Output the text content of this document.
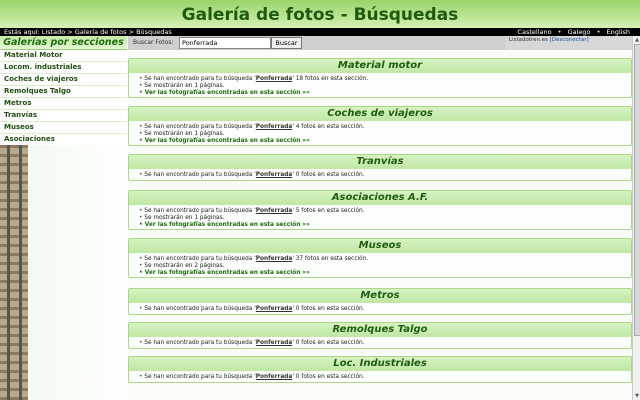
Galería de fotos - Búsquedas
Estás aquí: Listado > Galería de fotos > Búsquedas	Castellano • Galego • English
Galerías por secciones
Material Motor
Locom. industriales
Coches de viajeros
Remolques Talgo
Metros
Tranvías
Museos
Asociaciones
Buscar Fotos:
Ponferrada	Buscar	Listadotren.es [Desconectar]	▲
▼
Material motor
• Se han encontrado para tu búsqueda 'Ponferrada' 18 fotos en esta sección.
• Se mostrarán en 1 páginas.
• Ver las fotografías encontradas en esta sección »»
Coches de viajeros
• Se han encontrado para tu búsqueda 'Ponferrada' 4 fotos en esta sección.
• Se mostrarán en 1 páginas.
• Ver las fotografías encontradas en esta sección »»
Tranvías
• Se han encontrado para tu búsqueda 'Ponferrada' 0 fotos en esta sección.
Asociaciones A.F.
• Se han encontrado para tu búsqueda 'Ponferrada' 5 fotos en esta sección.
• Se mostrarán en 1 páginas.
• Ver las fotografías encontradas en esta sección »»
Museos
• Se han encontrado para tu búsqueda 'Ponferrada' 37 fotos en esta sección.
• Se mostrarán en 2 páginas.
• Ver las fotografías encontradas en esta sección »»
Metros
• Se han encontrado para tu búsqueda 'Ponferrada' 0 fotos en esta sección.
Remolques Talgo
• Se han encontrado para tu búsqueda 'Ponferrada' 0 fotos en esta sección.
Loc. Industriales
• Se han encontrado para tu búsqueda 'Ponferrada' 0 fotos en esta sección.
